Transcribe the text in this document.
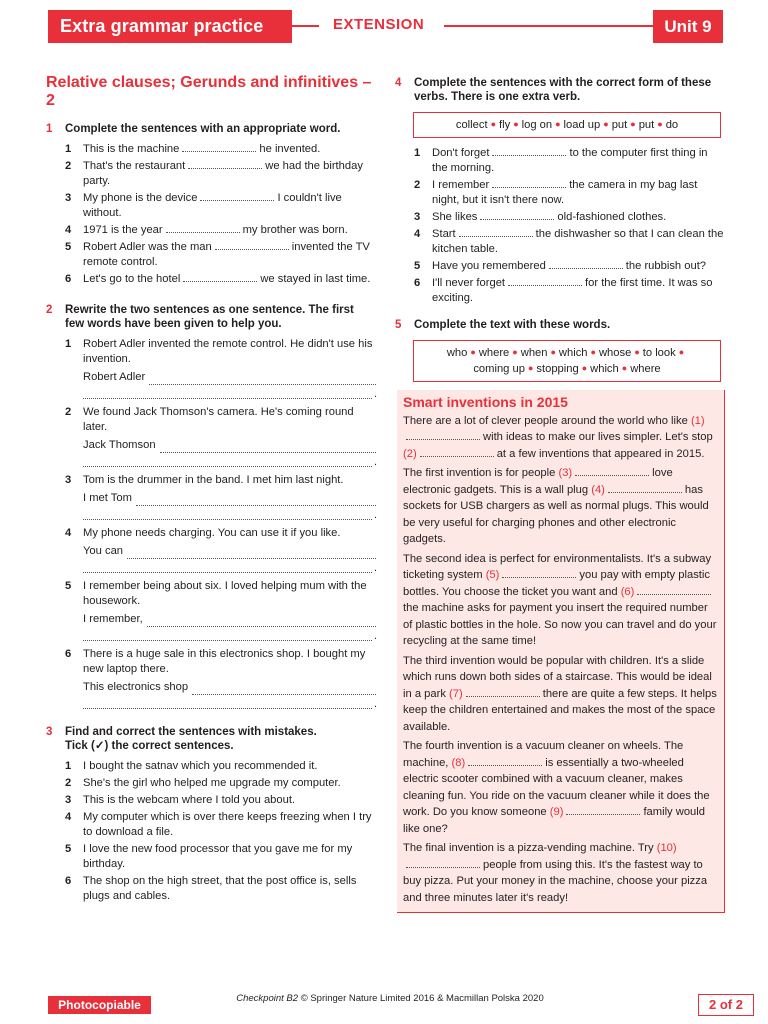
Extra grammar practice	EXTENSION	Unit 9
Relative clauses; Gerunds and infinitives – 2
1 Complete the sentences with an appropriate word.
1 This is the machine	he invented.
2 That's the restaurant	we had the birthday party.
3 My phone is the device	I couldn't live without.
4 1971 is the year	my brother was born.
5 Robert Adler was the man	invented the TV remote control.
6 Let's go to the hotel	we stayed in last time.
2 Rewrite the two sentences as one sentence. The first few words have been given to help you.
1 Robert Adler invented the remote control. He didn't use his invention.
Robert Adler
.
2 We found Jack Thomson's camera. He's coming round later.
Jack Thomson
.
3 Tom is the drummer in the band. I met him last night.
I met Tom
.
4 My phone needs charging. You can use it if you like.
You can
.
5 I remember being about six. I loved helping mum with the housework.
I remember,
.
6 There is a huge sale in this electronics shop. I bought my new laptop there.
This electronics shop
.
3 Find and correct the sentences with mistakes.
Tick (✓) the correct sentences.
1 I bought the satnav which you recommended it.
2 She's the girl who helped me upgrade my computer.
3 This is the webcam where I told you about.
4 My computer which is over there keeps freezing when I try to download a file.
5 I love the new food processor that you gave me for my birthday.
6 The shop on the high street, that the post office is, sells plugs and cables.
4 Complete the sentences with the correct form of these verbs. There is one extra verb.
collect ● fly ● log on ● load up ● put ● put ● do
1 Don't forget	to the computer first thing in the morning.
2 I remember	the camera in my bag last night, but it isn't there now.
3 She likes	old-fashioned clothes.
4 Start	the dishwasher so that I can clean the kitchen table.
5 Have you remembered	the rubbish out?
6 I'll never forget	for the first time. It was so exciting.
5 Complete the text with these words.
who ● where ● when ● which ● whose ● to look ●
coming up ● stopping ● which ● where
Smart inventions in 2015
There are a lot of clever people around the world who like (1)with ideas to make our lives simpler. Let's stop (2)	at a few inventions that appeared in 2015.
The first invention is for people (3)	love electronic gadgets. This is a wall plug (4)	has sockets for USB chargers as well as normal plugs. This would be very useful for charging phones and other electronic gadgets.
The second idea is perfect for environmentalists. It's a subway ticketing system (5)	you pay with empty plastic bottles. You choose the ticket you want and (6)the machine asks for payment you insert the required number of plastic bottles in the hole. So now you can travel and do your recycling at the same time!
The third invention would be popular with children. It's a slide which runs down both sides of a staircase. This would be ideal in a park (7)	there are quite a few steps. It helps keep the children entertained and makes the most of the space available.
The fourth invention is a vacuum cleaner on wheels. The machine, (8)	is essentially a two-wheeled electric scooter combined with a vacuum cleaner, makes cleaning fun. You ride on the vacuum cleaner while it does the work. Do you know someone (9)	family would like one?
The final invention is a pizza-vending machine. Try (10)people from using this. It's the fastest way to buy pizza. Put your money in the machine, choose your pizza and three minutes later it's ready!
Photocopiable	Checkpoint B2 © Springer Nature Limited 2016 & Macmillan Polska 2020	2 of 2
